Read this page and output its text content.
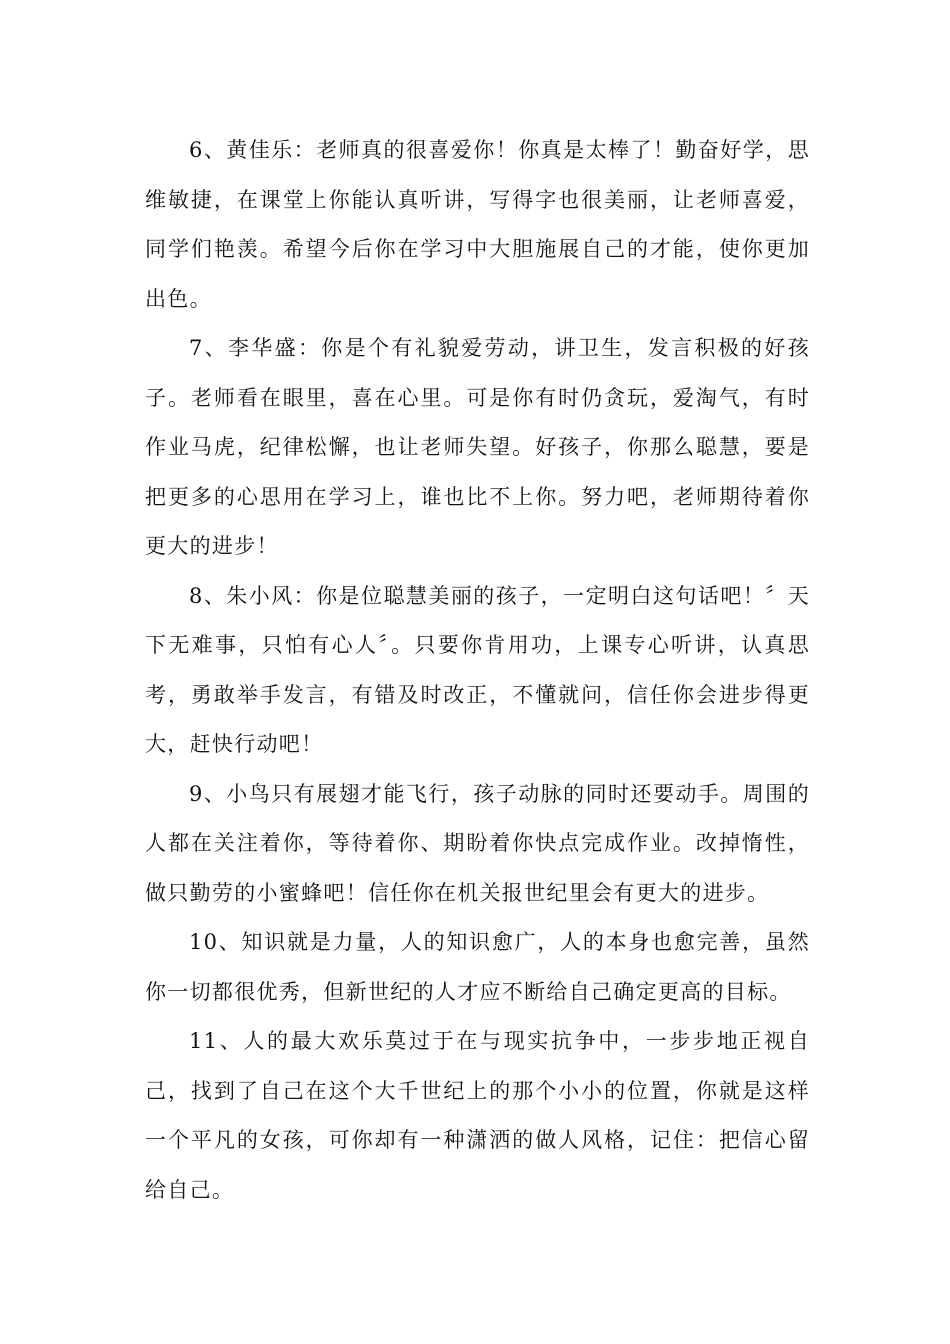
6、黄佳乐：老师真的很喜爱你！你真是太棒了！勤奋好学，思维敏捷，在课堂上你能认真听讲，写得字也很美丽，让老师喜爱，同学们艳羡。希望今后你在学习中大胆施展自己的才能，使你更加出色。

7、李华盛：你是个有礼貌爱劳动，讲卫生，发言积极的好孩子。老师看在眼里，喜在心里。可是你有时仍贪玩，爱淘气，有时作业马虎，纪律松懈，也让老师失望。好孩子，你那么聪慧，要是把更多的心思用在学习上，谁也比不上你。努力吧，老师期待着你更大的进步！

8、朱小风：你是位聪慧美丽的孩子，一定明白这句话吧！〞天下无难事，只怕有心人〞。只要你肯用功，上课专心听讲，认真思考，勇敢举手发言，有错及时改正，不懂就问，信任你会进步得更大，赶快行动吧！

9、小鸟只有展翅才能飞行，孩子动脉的同时还要动手。周围的人都在关注着你，等待着你、期盼着你快点完成作业。改掉惰性，做只勤劳的小蜜蜂吧！信任你在机关报世纪里会有更大的进步。

10、知识就是力量，人的知识愈广，人的本身也愈完善，虽然你一切都很优秀，但新世纪的人才应不断给自己确定更高的目标。

11、人的最大欢乐莫过于在与现实抗争中，一步步地正视自己，找到了自己在这个大千世纪上的那个小小的位置，你就是这样一个平凡的女孩，可你却有一种潇洒的做人风格，记住：把信心留给自己。
